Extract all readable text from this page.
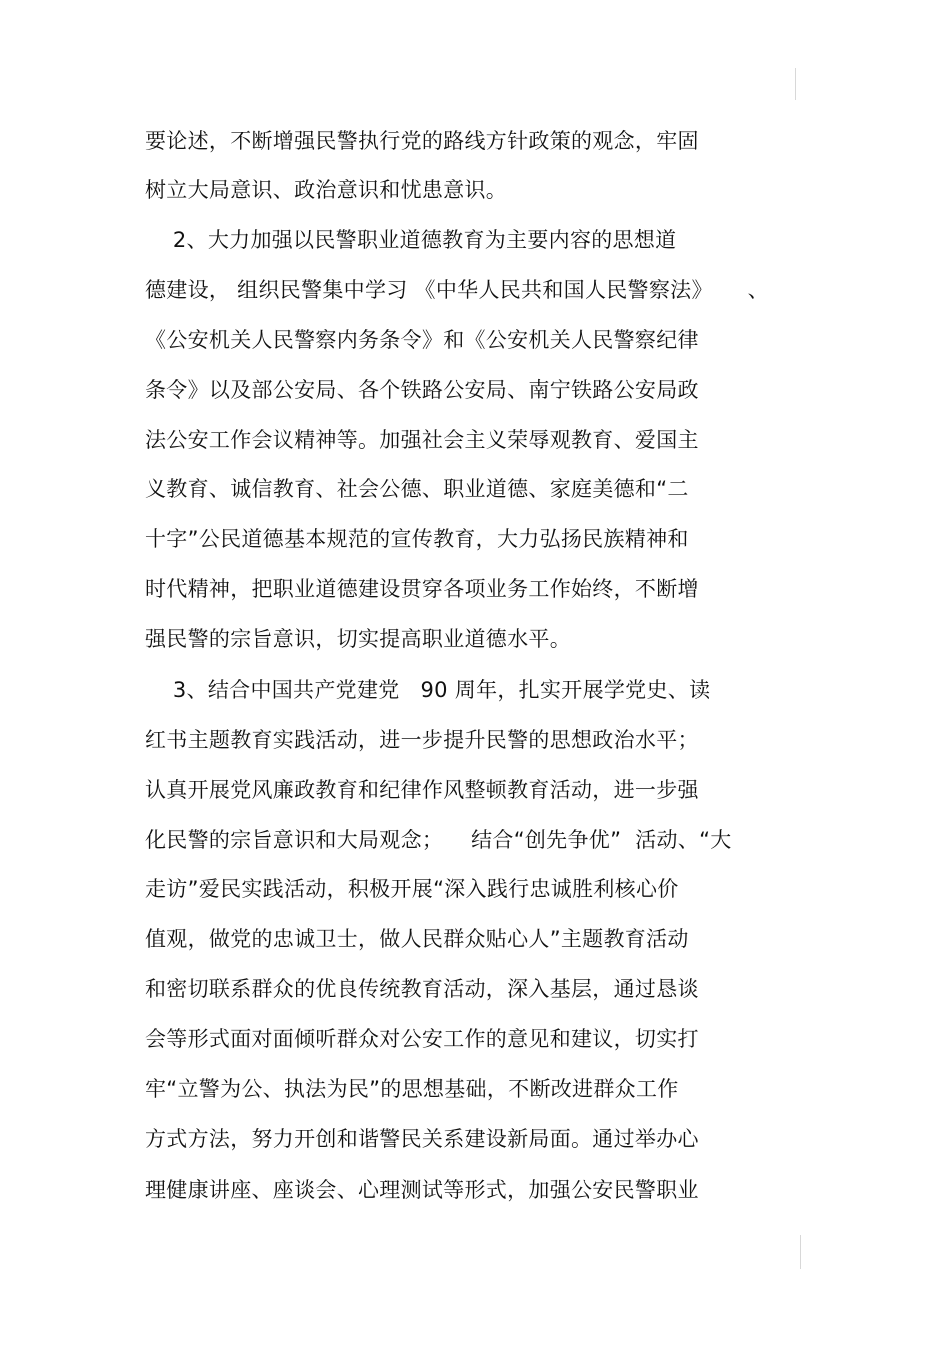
要论述，不断增强民警执行党的路线方针政策的观念，牢固
树立大局意识、政治意识和忧患意识。
2、大力加强以民警职业道德教育为主要内容的思想道
德建设， 组织民警集中学习 《中华人民共和国人民警察法》     、
《公安机关人民警察内务条令》和《公安机关人民警察纪律
条令》以及部公安局、各个铁路公安局、南宁铁路公安局政
法公安工作会议精神等。加强社会主义荣辱观教育、爱国主
义教育、诚信教育、社会公德、职业道德、家庭美德和“二
十字”公民道德基本规范的宣传教育，大力弘扬民族精神和
时代精神，把职业道德建设贯穿各项业务工作始终，不断增
强民警的宗旨意识，切实提高职业道德水平。
3、结合中国共产党建党   90 周年，扎实开展学党史、读
红书主题教育实践活动，进一步提升民警的思想政治水平；
认真开展党风廉政教育和纪律作风整顿教育活动，进一步强
化民警的宗旨意识和大局观念；    结合“创先争优”  活动、“大
走访”爱民实践活动，积极开展“深入践行忠诚胜利核心价
值观，做党的忠诚卫士，做人民群众贴心人”主题教育活动
和密切联系群众的优良传统教育活动，深入基层，通过恳谈
会等形式面对面倾听群众对公安工作的意见和建议，切实打
牢“立警为公、执法为民”的思想基础，不断改进群众工作
方式方法，努力开创和谐警民关系建设新局面。通过举办心
理健康讲座、座谈会、心理测试等形式，加强公安民警职业
